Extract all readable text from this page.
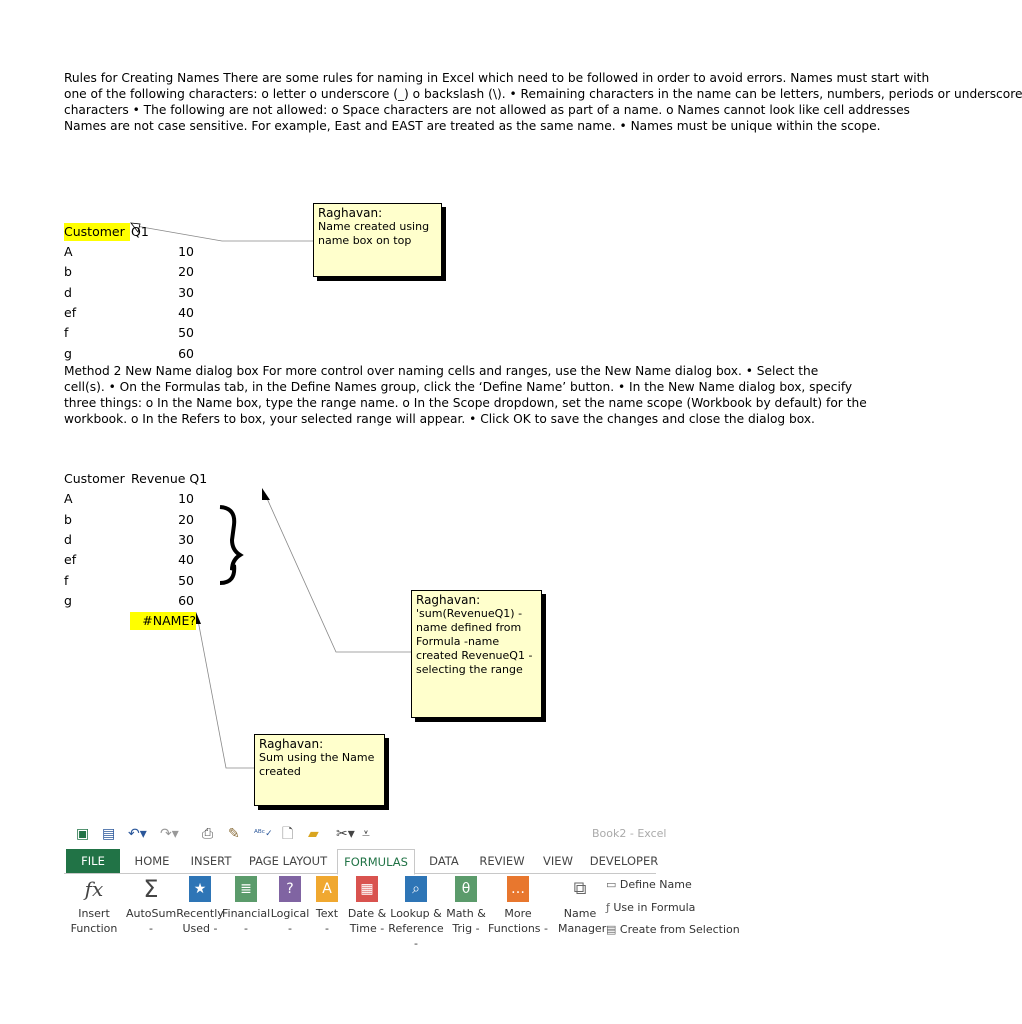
Rules for Creating Names There are some rules for naming in Excel which need to be followed in order to avoid errors. Names must start with
one of the following characters: o letter o underscore (_) o backslash (\). • Remaining characters in the name can be letters, numbers, periods or underscore
characters • The following are not allowed: o Space characters are not allowed as part of a name. o Names cannot look like cell addresses
Names are not case sensitive. For example, East and EAST are treated as the same name. • Names must be unique within the scope.
Customer Q1
A	10
b	20
d	30
ef	40
f	50
g	60
Raghavan:
Name created using
name box on top
Method 2 New Name dialog box For more control over naming cells and ranges, use the New Name dialog box. • Select the
cell(s). • On the Formulas tab, in the Define Names group, click the ‘Define Name’ button. • In the New Name dialog box, specify
three things: o In the Name box, type the range name. o In the Scope dropdown, set the name scope (Workbook by default) for the
workbook. o In the Refers to box, your selected range will appear. • Click OK to save the changes and close the dialog box.
Customer Revenue Q1
A	10
b	20
d	30
ef	40
f	50
g	60
#NAME?
Raghavan:
'sum(RevenueQ1) -
name defined from
Formula -name
created RevenueQ1 -
selecting the range
Raghavan:
Sum using the Name
created
▣ ▤ ↶▾ ↷▾ ⎙ ✎ ᴬᴮᶜ✓ 🗋 ▰ ✂▾ ⩡	Book2 - Excel
FILE	HOME	INSERT	PAGE LAYOUT	FORMULAS	DATA	REVIEW	VIEW	DEVELOPER
fx
Insert
Function
Σ
AutoSum
-
★
Recently
Used -
≣
Financial
-
?
Logical
-
A
Text
-
▦
Date &
Time -
⌕
Lookup &
Reference -
θ
Math &
Trig -
…
More
Functions -
⧉
Name
Manager
▭ Define Name
ƒ Use in Formula
▤ Create from Selection
